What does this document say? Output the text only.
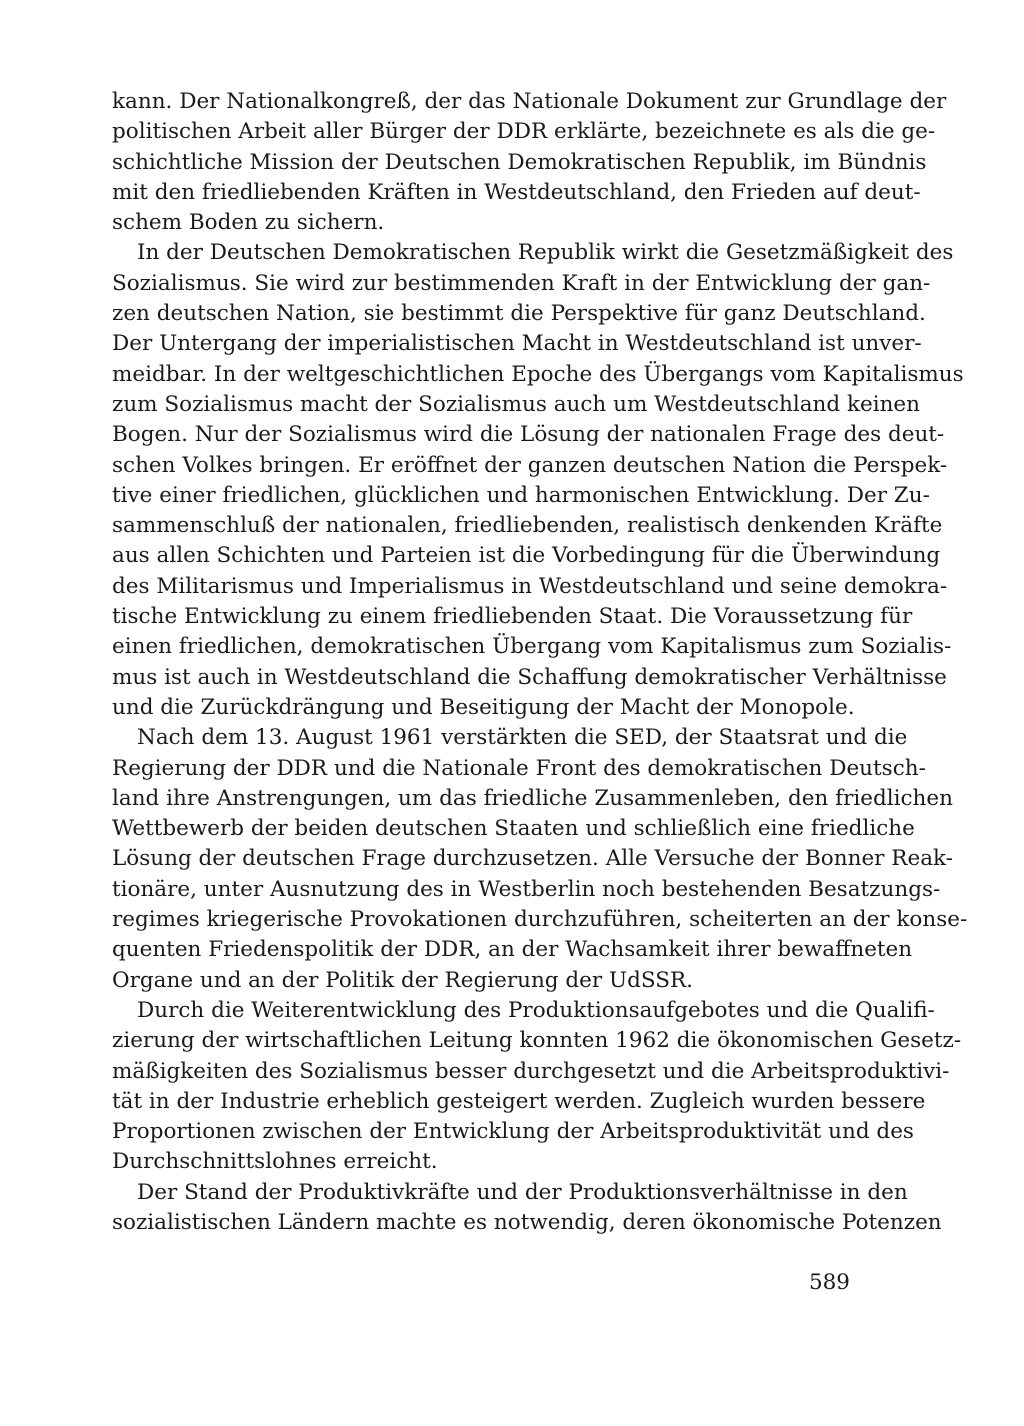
kann. Der Nationalkongreß, der das Nationale Dokument zur Grundlage der
politischen Arbeit aller Bürger der DDR erklärte, bezeichnete es als die ge-
schichtliche Mission der Deutschen Demokratischen Republik, im Bündnis
mit den friedliebenden Kräften in Westdeutschland, den Frieden auf deut-
schem Boden zu sichern.
In der Deutschen Demokratischen Republik wirkt die Gesetzmäßigkeit des
Sozialismus. Sie wird zur bestimmenden Kraft in der Entwicklung der gan-
zen deutschen Nation, sie bestimmt die Perspektive für ganz Deutschland.
Der Untergang der imperialistischen Macht in Westdeutschland ist unver-
meidbar. In der weltgeschichtlichen Epoche des Übergangs vom Kapitalismus
zum Sozialismus macht der Sozialismus auch um Westdeutschland keinen
Bogen. Nur der Sozialismus wird die Lösung der nationalen Frage des deut-
schen Volkes bringen. Er eröffnet der ganzen deutschen Nation die Perspek-
tive einer friedlichen, glücklichen und harmonischen Entwicklung. Der Zu-
sammenschluß der nationalen, friedliebenden, realistisch denkenden Kräfte
aus allen Schichten und Parteien ist die Vorbedingung für die Überwindung
des Militarismus und Imperialismus in Westdeutschland und seine demokra-
tische Entwicklung zu einem friedliebenden Staat. Die Voraussetzung für
einen friedlichen, demokratischen Übergang vom Kapitalismus zum Sozialis-
mus ist auch in Westdeutschland die Schaffung demokratischer Verhältnisse
und die Zurückdrängung und Beseitigung der Macht der Monopole.
Nach dem 13. August 1961 verstärkten die SED, der Staatsrat und die
Regierung der DDR und die Nationale Front des demokratischen Deutsch-
land ihre Anstrengungen, um das friedliche Zusammenleben, den friedlichen
Wettbewerb der beiden deutschen Staaten und schließlich eine friedliche
Lösung der deutschen Frage durchzusetzen. Alle Versuche der Bonner Reak-
tionäre, unter Ausnutzung des in Westberlin noch bestehenden Besatzungs-
regimes kriegerische Provokationen durchzuführen, scheiterten an der konse-
quenten Friedenspolitik der DDR, an der Wachsamkeit ihrer bewaffneten
Organe und an der Politik der Regierung der UdSSR.
Durch die Weiterentwicklung des Produktionsaufgebotes und die Qualifi-
zierung der wirtschaftlichen Leitung konnten 1962 die ökonomischen Gesetz-
mäßigkeiten des Sozialismus besser durchgesetzt und die Arbeitsproduktivi-
tät in der Industrie erheblich gesteigert werden. Zugleich wurden bessere
Proportionen zwischen der Entwicklung der Arbeitsproduktivität und des
Durchschnittslohnes erreicht.
Der Stand der Produktivkräfte und der Produktionsverhältnisse in den
sozialistischen Ländern machte es notwendig, deren ökonomische Potenzen
589
